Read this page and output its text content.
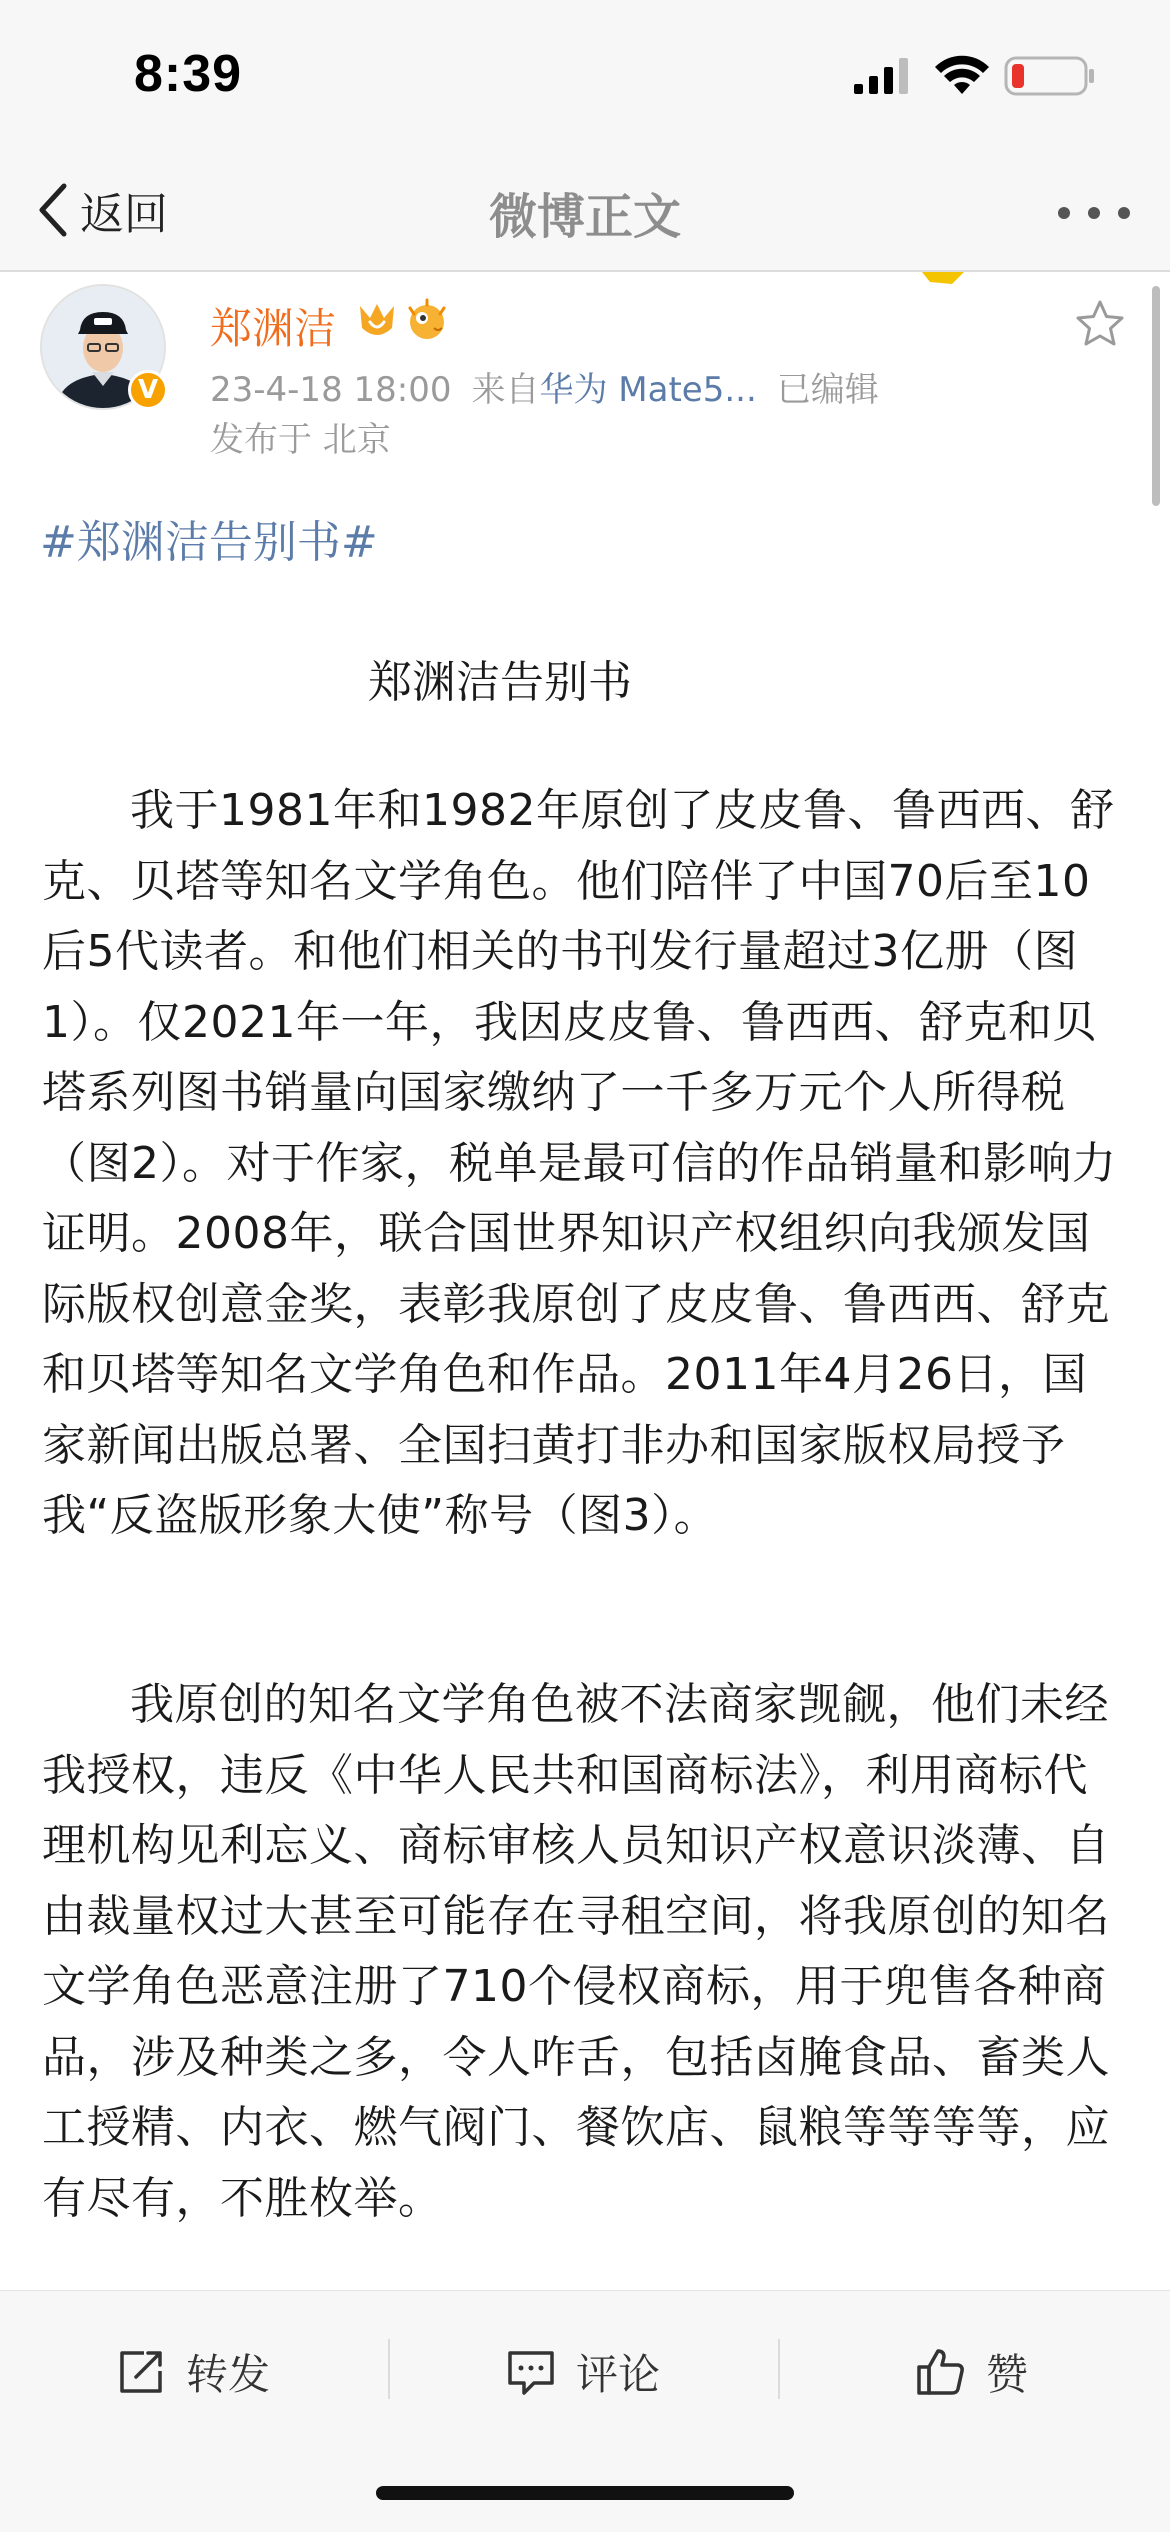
8:39
返回	微博正文
V
郑渊洁
23-4-18 18:00 来自华为 Mate5... 已编辑
发布于 北京
#郑渊洁告别书#
郑渊洁告别书

我于1981年和1982年原创了皮皮鲁、鲁西西、舒克、贝塔等知名文学角色。他们陪伴了中国70后至10后5代读者。和他们相关的书刊发行量超过3亿册（图1）。仅2021年一年，我因皮皮鲁、鲁西西、舒克和贝塔系列图书销量向国家缴纳了一千多万元个人所得税（图2）。对于作家，税单是最可信的作品销量和影响力证明。2008年，联合国世界知识产权组织向我颁发国际版权创意金奖，表彰我原创了皮皮鲁、鲁西西、舒克和贝塔等知名文学角色和作品。2011年4月26日，国家新闻出版总署、全国扫黄打非办和国家版权局授予我“反盗版形象大使”称号（图3）。

我原创的知名文学角色被不法商家觊觎，他们未经我授权，违反《中华人民共和国商标法》，利用商标代理机构见利忘义、商标审核人员知识产权意识淡薄、自由裁量权过大甚至可能存在寻租空间，将我原创的知名文学角色恶意注册了710个侵权商标，用于兜售各种商品，涉及种类之多，令人咋舌，包括卤腌食品、畜类人工授精、内衣、燃气阀门、餐饮店、鼠粮等等等等，应有尽有，不胜枚举。

转发	评论	赞
